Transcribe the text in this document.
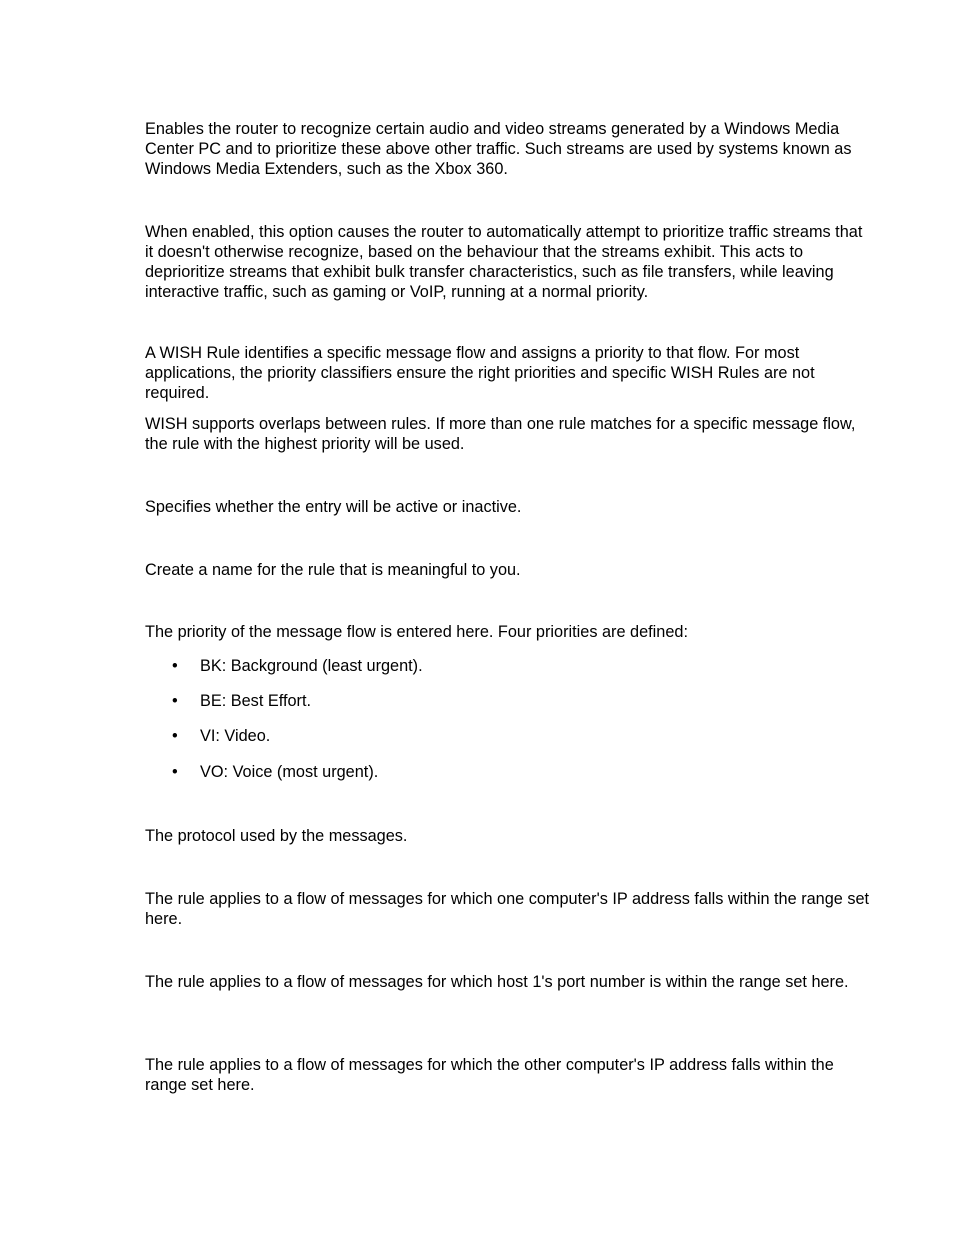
Enables the router to recognize certain audio and video streams generated by a Windows Media Center PC and to prioritize these above other traffic. Such streams are used by systems known as Windows Media Extenders, such as the Xbox 360.

When enabled, this option causes the router to automatically attempt to prioritize traffic streams that it doesn't otherwise recognize, based on the behaviour that the streams exhibit. This acts to deprioritize streams that exhibit bulk transfer characteristics, such as file transfers, while leaving interactive traffic, such as gaming or VoIP, running at a normal priority.

A WISH Rule identifies a specific message flow and assigns a priority to that flow. For most applications, the priority classifiers ensure the right priorities and specific WISH Rules are not required.

WISH supports overlaps between rules. If more than one rule matches for a specific message flow, the rule with the highest priority will be used.

Specifies whether the entry will be active or inactive.

Create a name for the rule that is meaningful to you.

The priority of the message flow is entered here. Four priorities are defined:

• BK: Background (least urgent).
• BE: Best Effort.
• VI: Video.
• VO: Voice (most urgent).

The protocol used by the messages.

The rule applies to a flow of messages for which one computer's IP address falls within the range set here.

The rule applies to a flow of messages for which host 1's port number is within the range set here.

The rule applies to a flow of messages for which the other computer's IP address falls within the range set here.
